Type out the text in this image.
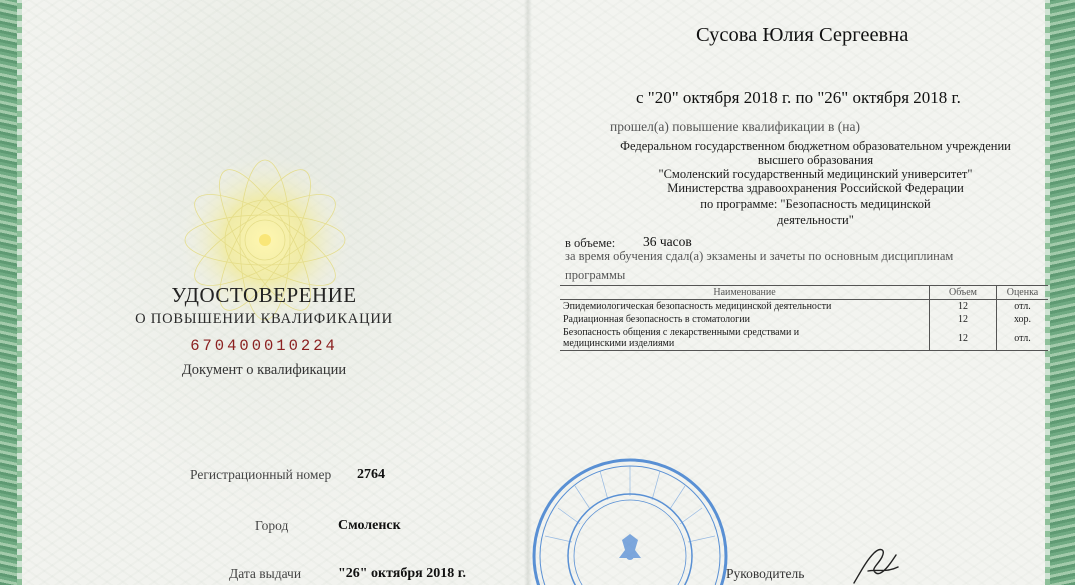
УДОСТОВЕРЕНИЕ
О ПОВЫШЕНИИ КВАЛИФИКАЦИИ
670400010224
Документ о квалификации
Регистрационный номер 2764
Город	Смоленск
Дата выдачи	"26" октября 2018 г.
Сусова Юлия Сергеевна
с "20" октября 2018 г. по "26" октября 2018 г.
прошел(а) повышение квалификации в (на)
Федеральном государственном бюджетном образовательном учреждении
высшего образования
"Смоленский государственный медицинский университет"
Министерства здравоохранения Российской Федерации
по программе: "Безопасность медицинской
деятельности"
в объеме: 36 часов
за время обучения сдал(а) экзамены и зачеты по основным дисциплинам
программы
Наименование	Объем	Оценка
Эпидемиологическая безопасность медицинской деятельности	12	отл.
Радиационная безопасность в стоматологии	12	хор.

Безопасность общения с лекарственными средствами и
медицинскими изделиями	12	отл.
Руководитель
